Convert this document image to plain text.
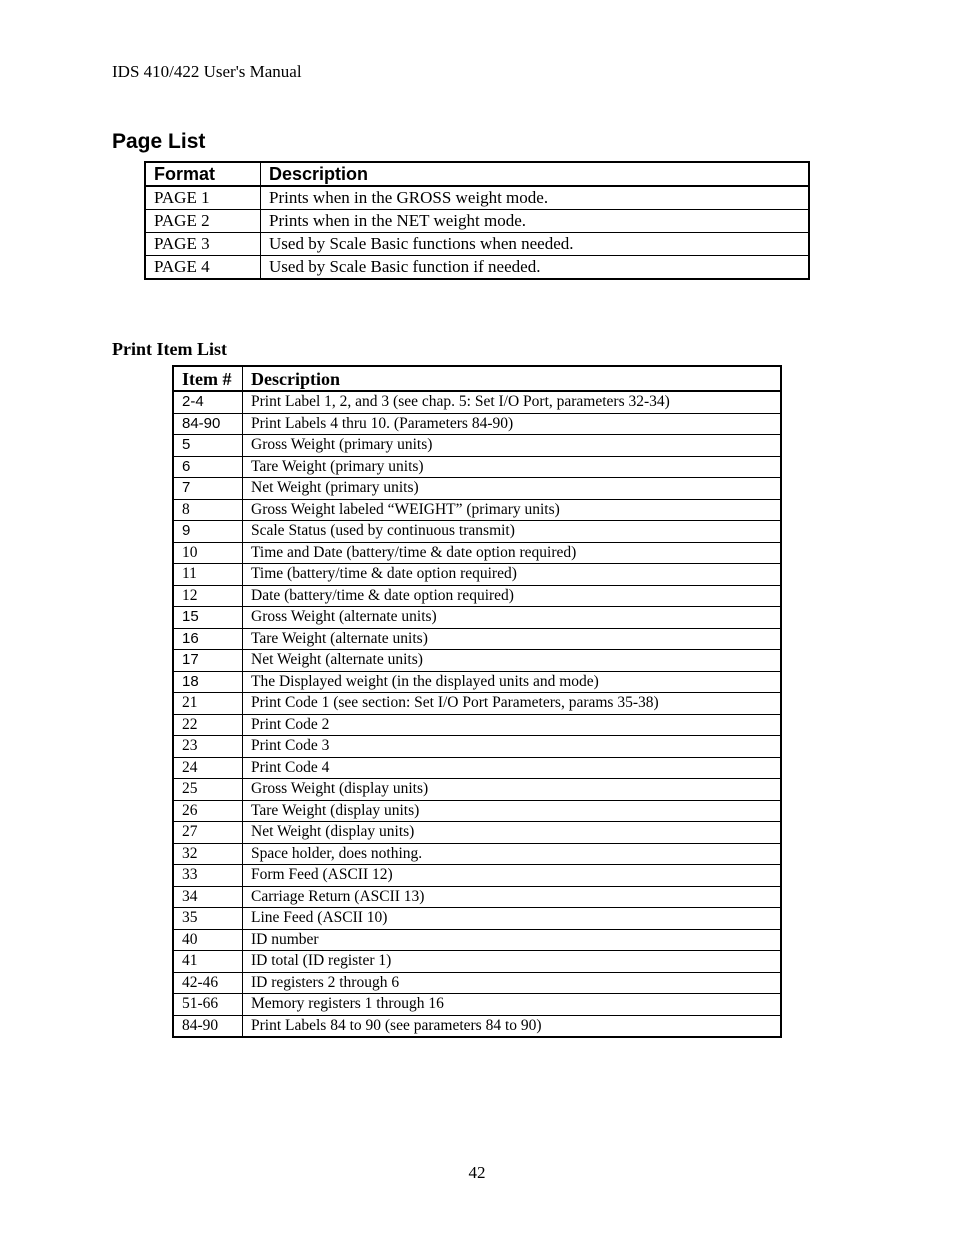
IDS 410/422 User's Manual
Page List
Format	Description
PAGE 1	Prints when in the GROSS weight mode.
PAGE 2	Prints when in the NET weight mode.
PAGE 3	Used by Scale Basic functions when needed.
PAGE 4	Used by Scale Basic function if needed.
Print Item List
Item #	Description
2-4	Print Label 1, 2, and 3 (see chap. 5: Set I/O Port, parameters 32-34)
84-90	Print Labels 4 thru 10. (Parameters 84-90)
5	Gross Weight (primary units)
6	Tare Weight (primary units)
7	Net Weight (primary units)
8	Gross Weight labeled “WEIGHT” (primary units)
9	Scale Status (used by continuous transmit)
10	Time and Date (battery/time & date option required)
11	Time (battery/time & date option required)
12	Date (battery/time & date option required)
15	Gross Weight (alternate units)
16	Tare Weight (alternate units)
17	Net Weight (alternate units)
18	The Displayed weight (in the displayed units and mode)
21	Print Code 1 (see section: Set I/O Port Parameters, params 35-38)
22	Print Code 2
23	Print Code 3
24	Print Code 4
25	Gross Weight (display units)
26	Tare Weight (display units)
27	Net Weight (display units)
32	Space holder, does nothing.
33	Form Feed (ASCII 12)
34	Carriage Return (ASCII 13)
35	Line Feed (ASCII 10)
40	ID number
41	ID total (ID register 1)
42-46	ID registers 2 through 6
51-66	Memory registers 1 through 16
84-90	Print Labels 84 to 90 (see parameters 84 to 90)
42
